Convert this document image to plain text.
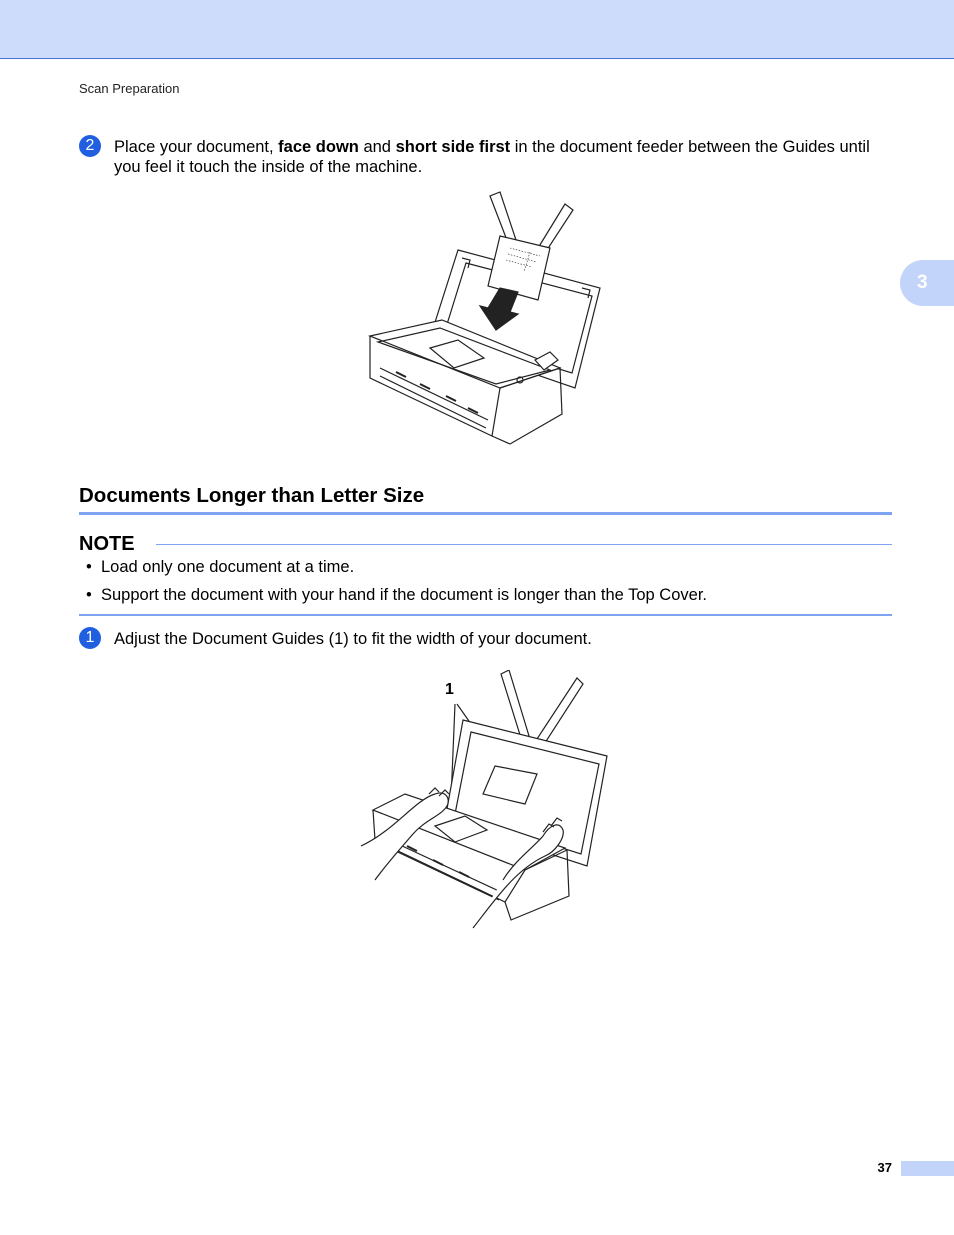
Scan Preparation
3
2	Place your document, face down and short side first in the document feeder between the Guides until you feel it touch the inside of the machine.
Documents Longer than Letter Size
NOTE
• Load only one document at a time.
• Support the document with your hand if the document is longer than the Top Cover.
1	Adjust the Document Guides (1) to fit the width of your document.
1
37
